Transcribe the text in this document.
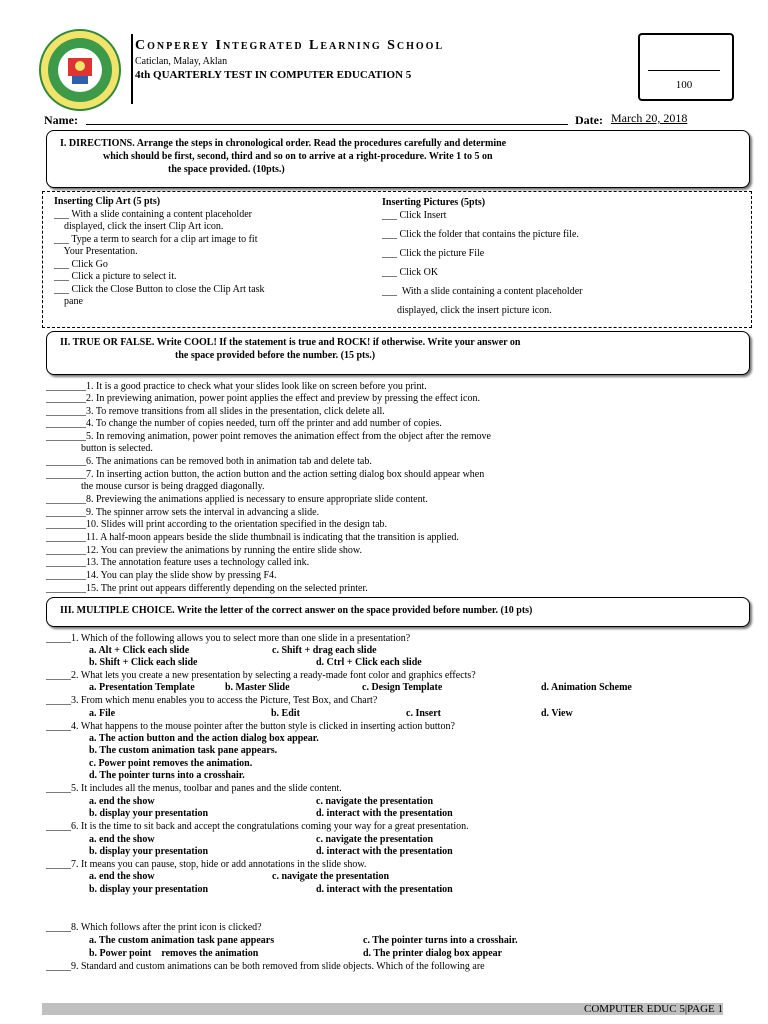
Conperey Integrated Learning School
Caticlan, Malay, Aklan
4th QUARTERLY TEST IN COMPUTER EDUCATION 5
100
Name:	Date: March 20, 2018
I. DIRECTIONS. Arrange the steps in chronological order. Read the procedures carefully and determine
which should be first, second, third and so on to arrive at a right-procedure. Write 1 to 5 on
the space provided. (10pts.)
Inserting Clip Art (5 pts)
___ With a slide containing a content placeholder
displayed, click the insert Clip Art icon.
___ Type a term to search for a clip art image to fit
Your Presentation.
___ Click Go
___ Click a picture to select it.
___ Click the Close Button to close the Clip Art task
pane
Inserting Pictures (5pts)
___ Click Insert
___ Click the folder that contains the picture file.
___ Click the picture File
___ Click OK
___  With a slide containing a content placeholder
displayed, click the insert picture icon.
II. TRUE OR FALSE. Write COOL! If the statement is true and ROCK! if otherwise. Write your answer on
the space provided before the number. (15 pts.)
________1. It is a good practice to check what your slides look like on screen before you print.
________2. In previewing animation, power point applies the effect and preview by pressing the effect icon.
________3. To remove transitions from all slides in the presentation, click delete all.
________4. To change the number of copies needed, turn off the printer and add number of copies.
________5. In removing animation, power point removes the animation effect from the object after the remove
button is selected.
________6. The animations can be removed both in animation tab and delete tab.
________7. In inserting action button, the action button and the action setting dialog box should appear when
the mouse cursor is being dragged diagonally.
________8. Previewing the animations applied is necessary to ensure appropriate slide content.
________9. The spinner arrow sets the interval in advancing a slide.
________10. Slides will print according to the orientation specified in the design tab.
________11. A half-moon appears beside the slide thumbnail is indicating that the transition is applied.
________12. You can preview the animations by running the entire slide show.
________13. The annotation feature uses a technology called ink.
________14. You can play the slide show by pressing F4.
________15. The print out appears differently depending on the selected printer.
III. MULTIPLE CHOICE. Write the letter of the correct answer on the space provided before number. (10 pts)
_____1. Which of the following allows you to select more than one slide in a presentation?
a. Alt + Click each slide	c. Shift + drag each slide
b. Shift + Click each slide	d. Ctrl + Click each slide
_____2. What lets you create a new presentation by selecting a ready-made font color and graphics effects?
a. Presentation Template	b. Master Slide	c. Design Template	d. Animation Scheme
_____3. From which menu enables you to access the Picture, Test Box, and Chart?
a. File	b. Edit	c. Insert	d. View
_____4. What happens to the mouse pointer after the button style is clicked in inserting action button?
a. The action button and the action dialog box appear.
b. The custom animation task pane appears.
c. Power point removes the animation.
d. The pointer turns into a crosshair.
_____5. It includes all the menus, toolbar and panes and the slide content.
a. end the show	c. navigate the presentation
b. display your presentation	d. interact with the presentation
_____6. It is the time to sit back and accept the congratulations coming your way for a great presentation.
a. end the show	c. navigate the presentation
b. display your presentation	d. interact with the presentation
_____7. It means you can pause, stop, hide or add annotations in the slide show.
a. end the show	c. navigate the presentation
b. display your presentation	d. interact with the presentation
_____8. Which follows after the print icon is clicked?
a. The custom animation task pane appears	c. The pointer turns into a crosshair.
b. Power point    removes the animation	d. The printer dialog box appear
_____9. Standard and custom animations can be both removed from slide objects. Which of the following are
COMPUTER EDUC 5|PAGE 1
